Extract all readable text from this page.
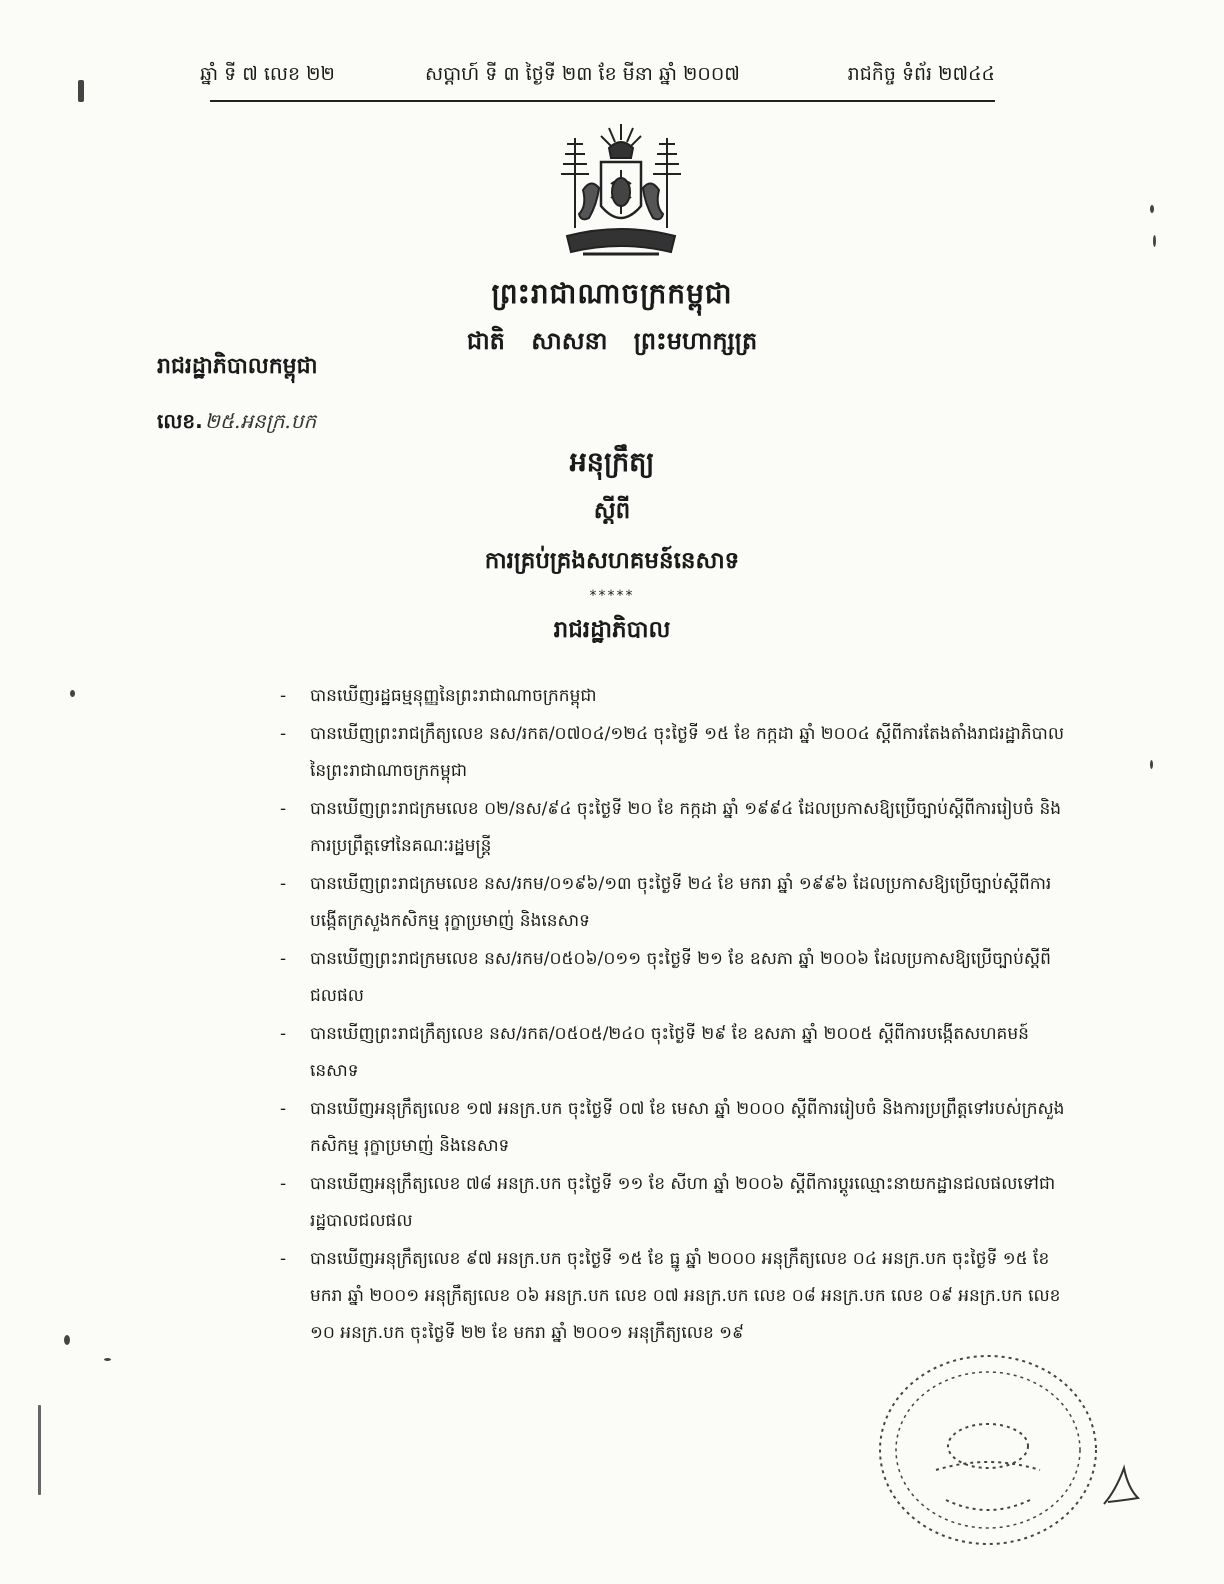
ឆ្នាំ ទី ៧ លេខ ២២	សប្តាហ៍ ទី ៣ ថ្ងៃទី ២៣ ខែ មីនា ឆ្នាំ ២០០៧	រាជកិច្ច ទំព័រ ២៧៤៤
ព្រះរាជាណាចក្រកម្ពុជា
ជាតិ សាសនា ព្រះមហាក្សត្រ
រាជរដ្ឋាភិបាលកម្ពុជា
លេខ. ២៥.អនក្រ.បក
អនុក្រឹត្យ
ស្តីពី
ការគ្រប់គ្រងសហគមន៍នេសាទ
*****
រាជរដ្ឋាភិបាល
- បានឃើញរដ្ឋធម្មនុញ្ញនៃព្រះរាជាណាចក្រកម្ពុជា
- បានឃើញព្រះរាជក្រឹត្យលេខ នស/រកត/០៧០៤/១២៤ ចុះថ្ងៃទី ១៥ ខែ កក្កដា ឆ្នាំ ២០០៤ ស្តីពីការតែងតាំងរាជរដ្ឋាភិបាលនៃព្រះរាជាណាចក្រកម្ពុជា
- បានឃើញព្រះរាជក្រមលេខ ០២/នស/៩៤ ចុះថ្ងៃទី ២០ ខែ កក្កដា ឆ្នាំ ១៩៩៤ ដែលប្រកាសឱ្យប្រើច្បាប់ស្តីពីការរៀបចំ និងការប្រព្រឹត្តទៅនៃគណៈរដ្ឋមន្ត្រី
- បានឃើញព្រះរាជក្រមលេខ នស/រកម/០១៩៦/១៣ ចុះថ្ងៃទី ២៤ ខែ មករា ឆ្នាំ ១៩៩៦ ដែលប្រកាសឱ្យប្រើច្បាប់ស្តីពីការបង្កើតក្រសួងកសិកម្ម រុក្ខាប្រមាញ់ និងនេសាទ
- បានឃើញព្រះរាជក្រមលេខ នស/រកម/០៥០៦/០១១ ចុះថ្ងៃទី ២១ ខែ ឧសភា ឆ្នាំ ២០០៦ ដែលប្រកាសឱ្យប្រើច្បាប់ស្តីពីជលផល
- បានឃើញព្រះរាជក្រឹត្យលេខ នស/រកត/០៥០៥/២៤០ ចុះថ្ងៃទី ២៩ ខែ ឧសភា ឆ្នាំ ២០០៥ ស្តីពីការបង្កើតសហគមន៍នេសាទ
- បានឃើញអនុក្រឹត្យលេខ ១៧ អនក្រ.បក ចុះថ្ងៃទី ០៧ ខែ មេសា ឆ្នាំ ២០០០ ស្តីពីការរៀបចំ និងការប្រព្រឹត្តទៅរបស់ក្រសួងកសិកម្ម រុក្ខាប្រមាញ់ និងនេសាទ
- បានឃើញអនុក្រឹត្យលេខ ៧៨ អនក្រ.បក ចុះថ្ងៃទី ១១ ខែ សីហា ឆ្នាំ ២០០៦ ស្តីពីការប្តូរឈ្មោះនាយកដ្ឋានជលផលទៅជារដ្ឋបាលជលផល
- បានឃើញអនុក្រឹត្យលេខ ៩៧ អនក្រ.បក ចុះថ្ងៃទី ១៥ ខែ ធ្នូ ឆ្នាំ ២០០០ អនុក្រឹត្យលេខ ០៤ អនក្រ.បក ចុះថ្ងៃទី ១៥ ខែ មករា ឆ្នាំ ២០០១ អនុក្រឹត្យលេខ ០៦ អនក្រ.បក លេខ ០៧ អនក្រ.បក លេខ ០៨ អនក្រ.បក លេខ ០៩ អនក្រ.បក លេខ ១០ អនក្រ.បក ចុះថ្ងៃទី ២២ ខែ មករា ឆ្នាំ ២០០១ អនុក្រឹត្យលេខ ១៩
